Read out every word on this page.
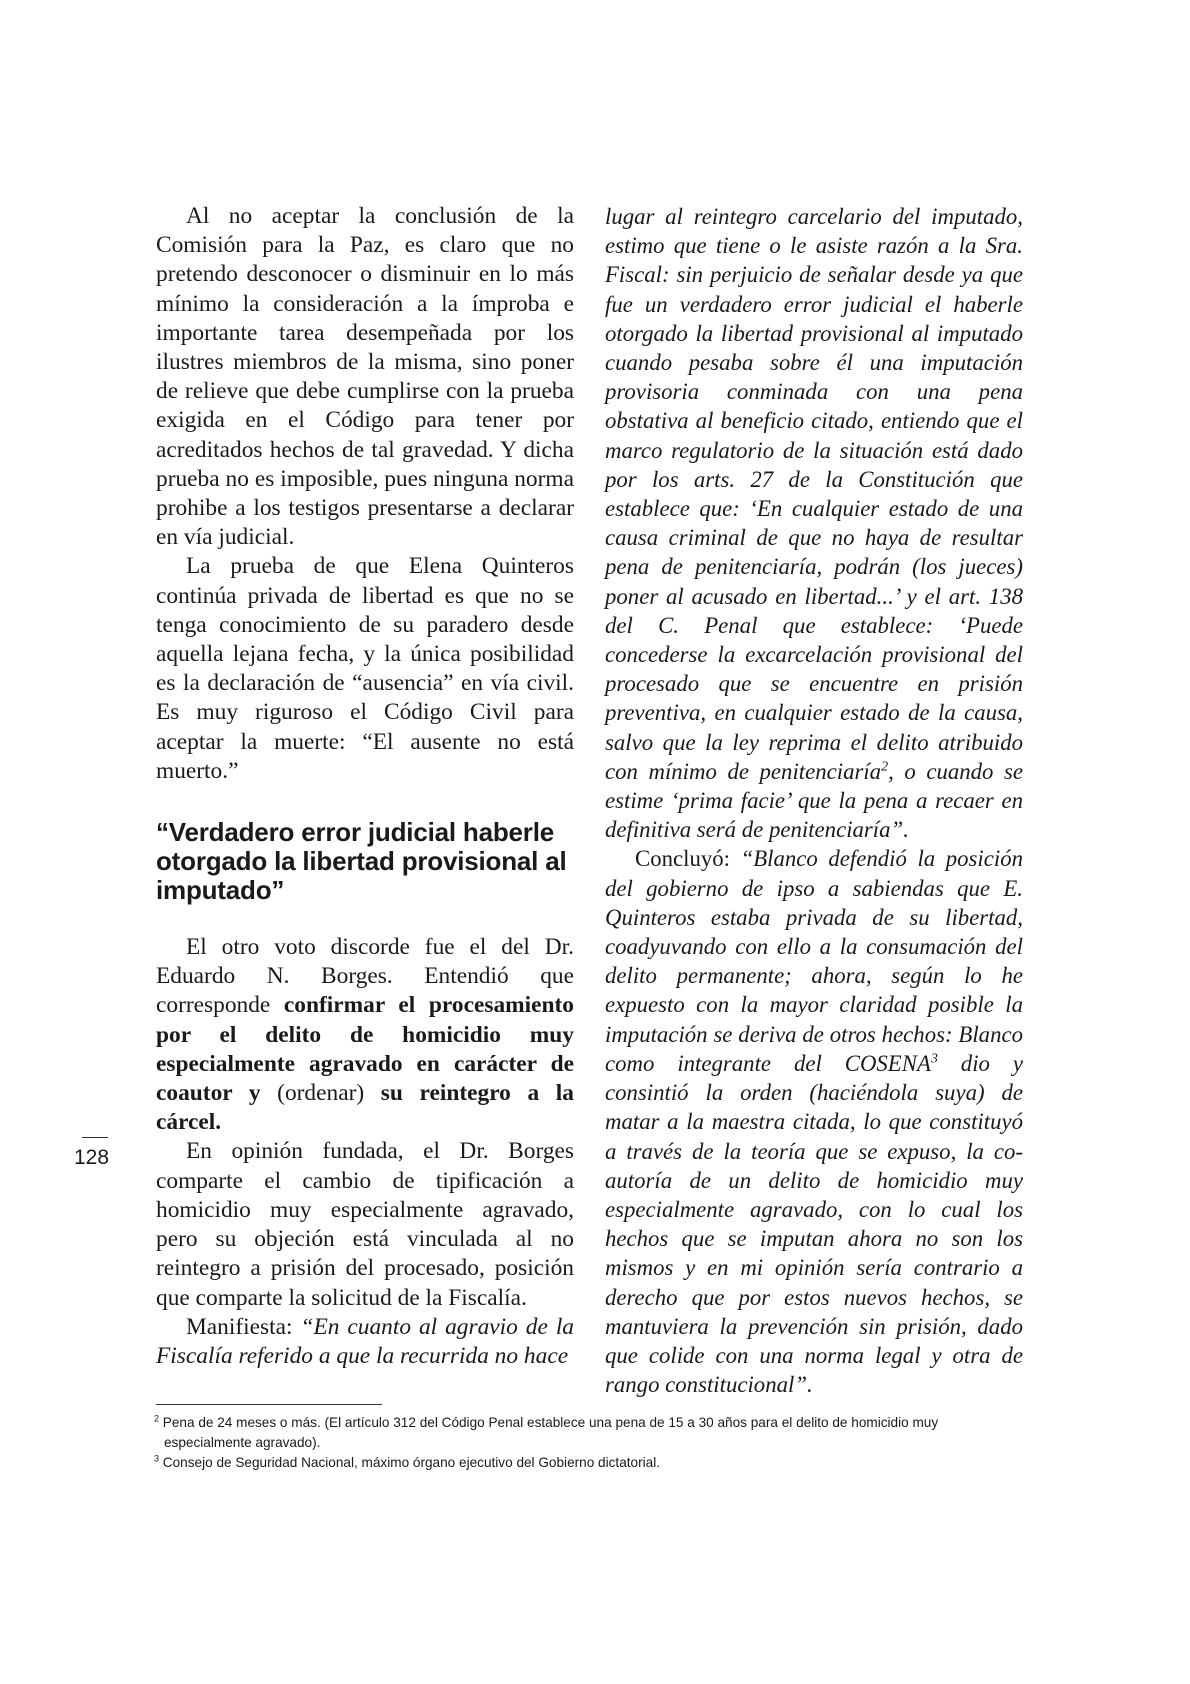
Al no aceptar la conclusión de la Comisión para la Paz, es claro que no pretendo desconocer o disminuir en lo más mínimo la consideración a la ímproba e importante tarea desempeñada por los ilustres miembros de la misma, sino poner de relieve que debe cumplirse con la prueba exigida en el Código para tener por acreditados hechos de tal gravedad. Y dicha prueba no es imposible, pues ninguna norma prohibe a los testigos presentarse a declarar en vía judicial.

La prueba de que Elena Quinteros continúa privada de libertad es que no se tenga conocimiento de su paradero desde aquella lejana fecha, y la única posibilidad es la declaración de “ausencia” en vía civil. Es muy riguroso el Código Civil para aceptar la muerte: “El ausente no está muerto.”

“Verdadero error judicial haberle otorgado la libertad provisional al imputado”

El otro voto discorde fue el del Dr. Eduardo N. Borges. Entendió que corresponde confirmar el procesamiento por el delito de homicidio muy especialmente agravado en carácter de coautor y (ordenar) su reintegro a la cárcel.

En opinión fundada, el Dr. Borges comparte el cambio de tipificación a homicidio muy especialmente agravado, pero su objeción está vinculada al no reintegro a prisión del procesado, posición que comparte la solicitud de la Fiscalía.

Manifiesta: “En cuanto al agravio de la Fiscalía referido a que la recurrida no hace

lugar al reintegro carcelario del imputado, estimo que tiene o le asiste razón a la Sra. Fiscal: sin perjuicio de señalar desde ya que fue un verdadero error judicial el haberle otorgado la libertad provisional al imputado cuando pesaba sobre él una imputación provisoria conminada con una pena obstativa al beneficio citado, entiendo que el marco regulatorio de la situación está dado por los arts. 27 de la Constitución que establece que: ‘En cualquier estado de una causa criminal de que no haya de resultar pena de penitenciaría, podrán (los jueces) poner al acusado en libertad...’ y el art. 138 del C. Penal que establece: ‘Puede concederse la excarcelación provisional del procesado que se encuentre en prisión preventiva, en cualquier estado de la causa, salvo que la ley reprima el delito atribuido con mínimo de penitenciaría$^2$, o cuando se estime ‘prima facie’ que la pena a recaer en definitiva será de penitenciaría”.

Concluyó: “Blanco defendió la posición del gobierno de ipso a sabiendas que E. Quinteros estaba privada de su libertad, coadyuvando con ello a la consumación del delito permanente; ahora, según lo he expuesto con la mayor claridad posible la imputación se deriva de otros hechos: Blanco como integrante del COSENA$^3$ dio y consintió la orden (haciéndola suya) de matar a la maestra citada, lo que constituyó a través de la teoría que se expuso, la co-autoría de un delito de homicidio muy especialmente agravado, con lo cual los hechos que se imputan ahora no son los mismos y en mi opinión sería contrario a derecho que por estos nuevos hechos, se mantuviera la prevención sin prisión, dado que colide con una norma legal y otra de rango constitucional”.

128

$^2$ Pena de 24 meses o más. (El artículo 312 del Código Penal establece una pena de 15 a 30 años para el delito de homicidio muy especialmente agravado).

$^3$ Consejo de Seguridad Nacional, máximo órgano ejecutivo del Gobierno dictatorial.
